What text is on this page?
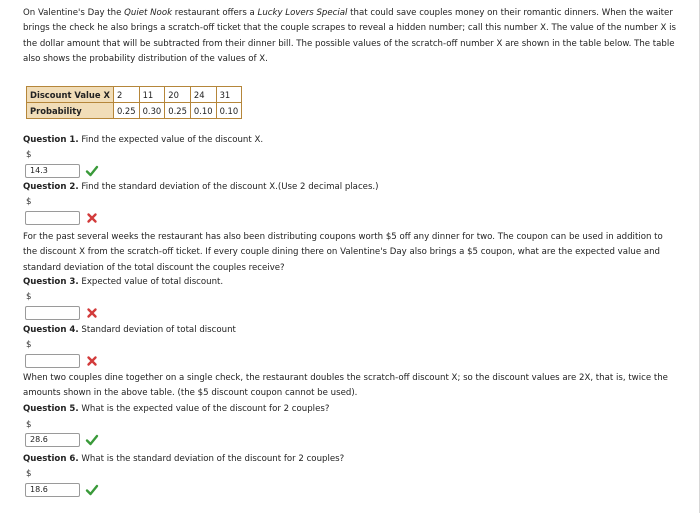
On Valentine's Day the Quiet Nook restaurant offers a Lucky Lovers Special that could save couples money on their romantic dinners. When the waiter brings the check he also brings a scratch-off ticket that the couple scrapes to reveal a hidden number; call this number X. The value of the number X is the dollar amount that will be subtracted from their dinner bill. The possible values of the scratch-off number X are shown in the table below. The table also shows the probability distribution of the values of X.
Discount Value X	2	11	20	24	31
Probability	0.25	0.30	0.25	0.10	0.10
Question 1. Find the expected value of the discount X.
$
14.3
Question 2. Find the standard deviation of the discount X.(Use 2 decimal places.)
$
For the past several weeks the restaurant has also been distributing coupons worth $5 off any dinner for two. The coupon can be used in addition to the discount X from the scratch-off ticket. If every couple dining there on Valentine's Day also brings a $5 coupon, what are the expected value and standard deviation of the total discount the couples receive?
Question 3. Expected value of total discount.
$
Question 4. Standard deviation of total discount
$
When two couples dine together on a single check, the restaurant doubles the scratch-off discount X; so the discount values are 2X, that is, twice the amounts shown in the above table. (the $5 discount coupon cannot be used).
Question 5. What is the expected value of the discount for 2 couples?
$
28.6
Question 6. What is the standard deviation of the discount for 2 couples?
$
18.6
